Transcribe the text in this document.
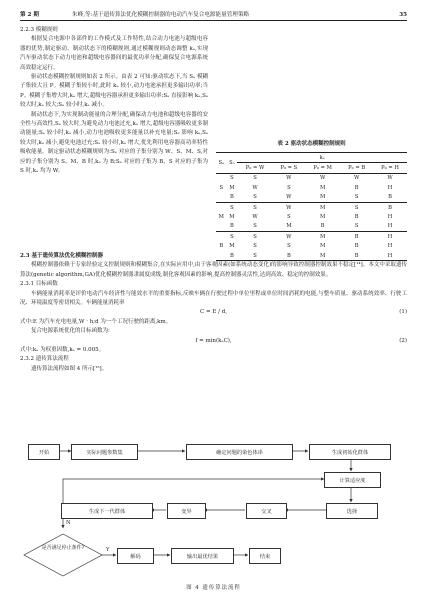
第 2 期	朱峰,等:基于遗传算法优化模糊控制器的电动汽车复合电源能量管理策略	35

2.2.3 模糊规则

根据复合电源中各部件的工作模式及工作特性,结合动力电池与超级电容器的优势,制定驱动、制动状态下的模糊规则,通过模糊规则动态调整 kₑ,实现汽车驱动状态下动力电池和超级电容器间的最优功率分配,确保复合电源系统高效稳定运行。

驱动状态模糊控制规则如表 2 所示。由表 2 可知:驱动状态下,当 Sₑ 模糊子集较大且 P。模糊子集较小时,此时 kₑ 较小,动力电池承担更多输出功率;当 P。模糊子集增大时,kₑ 增大,超级电容器承担更多输出功率;Sₑ 直接影响 kₑ,Sₑ 较大时,kₑ 较大;Sₑ 较小时,kₑ 减小。

制动状态下,为实现制动能量的合理分配,确保动力电池和超级电容器的安全性与高效性,Sₑ 较大时,为避免动力电池过充,kₑ 增大,超级电容器吸收更多制动能量;Sₑ 较小时,kₑ 减小,动力电池吸收更多能量以补充电量;Sₑ 影响 kₑ,Sₑ 较大时,kₑ 减小,避免电池过充;Sₑ 较小时,kₑ 增大,优先利用电容器高功率特性吸收能量。制定驱动状态模糊规则为:Sₑ 对应的子集分别为 W、S、M、S,对应的子集分别为 S、M、B 时,kₑ 为 B;Sₑ 对应的子集为 B、S 对应的子集为 S 时,kₑ 均为 W。

表 2 驱动状态模糊控制规则
Sₑ	Sₒ	kₑ				
		P₀ = W	P₀ = S	P₀ = M	P₀ = B	P₀ = H
	S	S	W	W	W	W
S	M	W	S	M	B	H
	B	S	W	M	S	B
	S	S	W	M	S	B
M	M	W	S	M	B	H
	B	S	M	B	S	H
	S	S	W	M	B	H
B	M	S	S	M	B	H
	B	S	B	M	B	H

2.3 基于遗传算法优化模糊控制器

模糊控制器依赖于专家经验定义控制规则和模糊集合,在实际应用中,由于客观因素(如系统动态变化)的影响导致控制器控制效果不稳定[¹⁴]。本文中采取遗传算法(genetic algorithm,GA)优化模糊控制器隶属度成级,制化客观因素的影响,提高控制器灵活性,达到高效、稳定的控制效果。

2.3.1 目标函数

车辆能量消耗率是评价电动汽车经济性与能效水平的重要指标,反映车辆在行驶过程中单位里程或单位时间消耗的电能,与整车质量、驱动系统效率、行驶工况、环境温度等密切相关。车辆能量消耗率

C = E / d,	(1)

式中:E 为汽车充电电量,W · h;d 为一个工况行驶的距离,km。

复合电源系统优化的目标函数为:

f = min(kₑC),	(2)

式中:kₑ 为权重因数,kₑ = 0.005。

2.3.2 遗传算法流程

遗传算法流程如图 4 所示[¹⁵]。

开始	实际问题参数集	确定问题的染色体串	生成初始化群体
计算适应度
选择
交叉
变异
生成下一代群体
是否满足停止条件?
N
Y
解码	输出最优结果	结束
图 4 遗传算法流程
